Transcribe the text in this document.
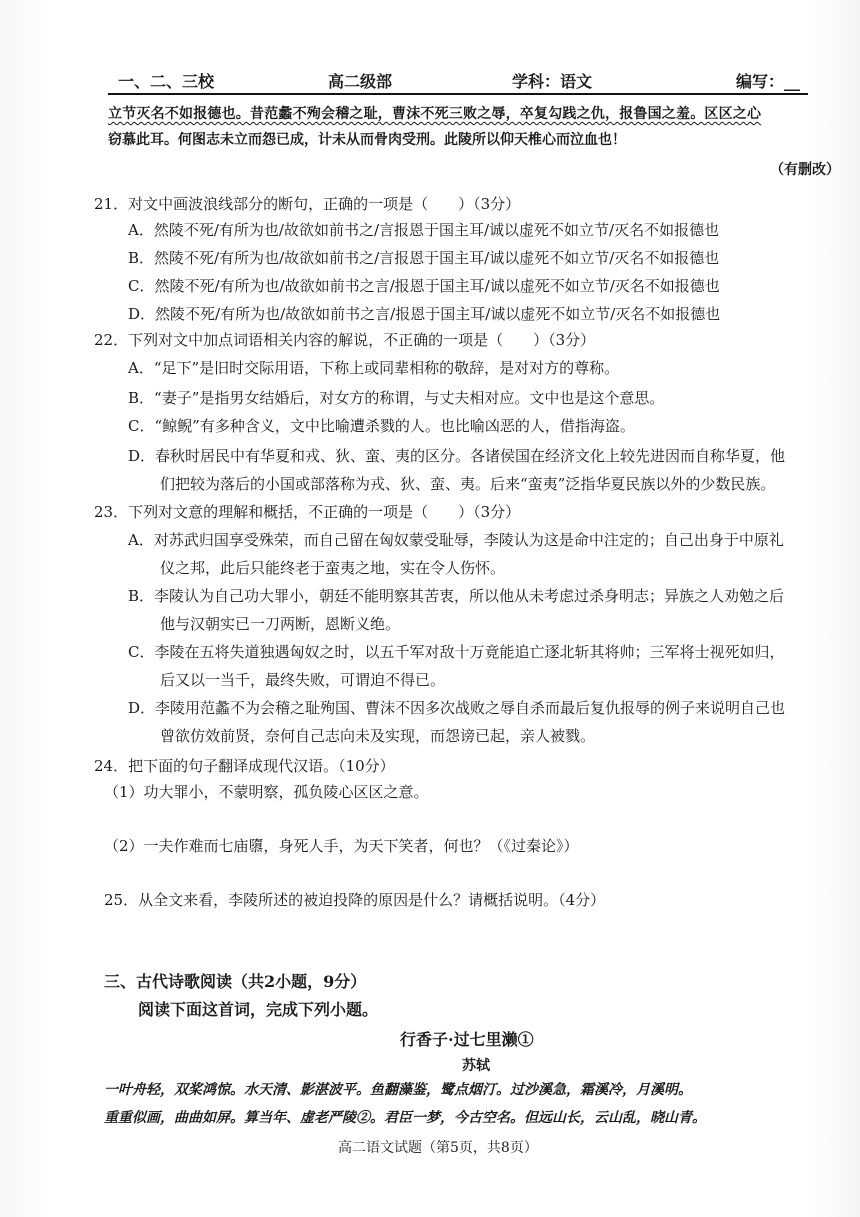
一、二、三校	高二级部	学科：语文	编写：__
立节灭名不如报德也。昔范蠡不殉会稽之耻，曹沫不死三败之辱，卒复勾践之仇，报鲁国之羞。区区之心
窃慕此耳。何图志未立而怨已成，计未从而骨肉受刑。此陵所以仰天椎心而泣血也！
（有删改）
21．对文中画波浪线部分的断句，正确的一项是（　　）（3分）
A．然陵不死/有所为也/故欲如前书之/言报恩于国主耳/诚以虚死不如立节/灭名不如报德也
B．然陵不死/有所为也/故欲如前书之/言报恩于国主耳/诚以虚死不如立节/灭名不如报德也
C．然陵不死/有所为也/故欲如前书之言/报恩于国主耳/诚以虚死不如立节/灭名不如报德也
D．然陵不死/有所为也/故欲如前书之言/报恩于国主耳/诚以虚死不如立节/灭名不如报德也
22．下列对文中加点词语相关内容的解说，不正确的一项是（　　）（3分）
A．“足下”是旧时交际用语，下称上或同辈相称的敬辞，是对对方的尊称。
B．“妻子”是指男女结婚后，对女方的称谓，与丈夫相对应。文中也是这个意思。
C．“鲸鲵”有多种含义，文中比喻遭杀戮的人。也比喻凶恶的人，借指海盗。
D．春秋时居民中有华夏和戎、狄、蛮、夷的区分。各诸侯国在经济文化上较先进因而自称华夏，他
们把较为落后的小国或部落称为戎、狄、蛮、夷。后来“蛮夷”泛指华夏民族以外的少数民族。
23．下列对文意的理解和概括，不正确的一项是（　　）（3分）
A．对苏武归国享受殊荣，而自己留在匈奴蒙受耻辱，李陵认为这是命中注定的；自己出身于中原礼
仪之邦，此后只能终老于蛮夷之地，实在令人伤怀。
B．李陵认为自己功大罪小，朝廷不能明察其苦衷，所以他从未考虑过杀身明志；异族之人劝勉之后
他与汉朝实已一刀两断，恩断义绝。
C．李陵在五将失道独遇匈奴之时，以五千军对敌十万竟能追亡逐北斩其将帅；三军将士视死如归，
后又以一当千，最终失败，可谓迫不得已。
D．李陵用范蠡不为会稽之耻殉国、曹沫不因多次战败之辱自杀而最后复仇报辱的例子来说明自己也
曾欲仿效前贤，奈何自己志向未及实现，而怨谤已起，亲人被戮。
24．把下面的句子翻译成现代汉语。（10分）
（1）功大罪小，不蒙明察，孤负陵心区区之意。
（2）一夫作难而七庙隳，身死人手，为天下笑者，何也？（《过秦论》）
25．从全文来看，李陵所述的被迫投降的原因是什么？请概括说明。（4分）
三、古代诗歌阅读（共2小题，9分）
阅读下面这首词，完成下列小题。
行香子·过七里濑①
苏轼
一叶舟轻，双桨鸿惊。水天清、影湛波平。鱼翻藻鉴，鹭点烟汀。过沙溪急，霜溪冷，月溪明。
重重似画，曲曲如屏。算当年、虚老严陵②。君臣一梦，今古空名。但远山长，云山乱，晓山青。
高二语文试题（第5页，共8页）
